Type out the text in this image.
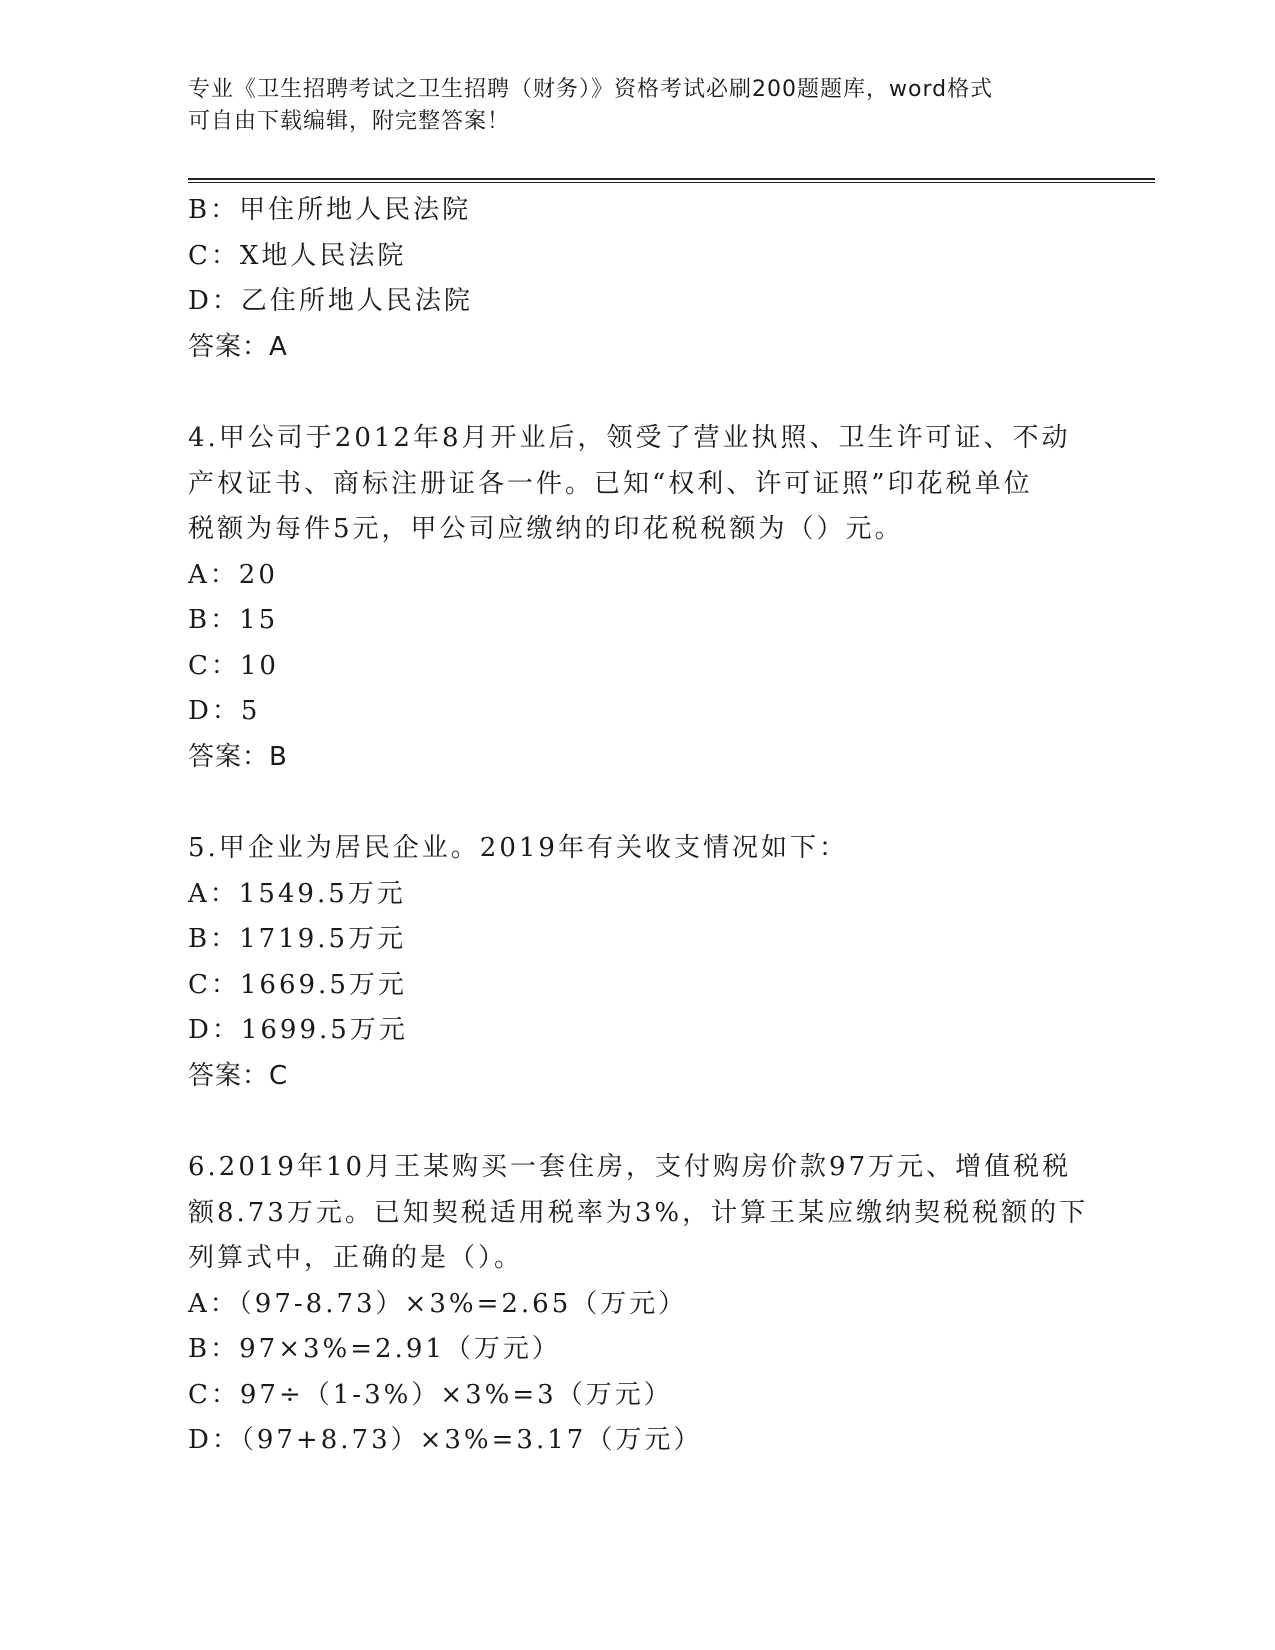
专业《卫生招聘考试之卫生招聘（财务）》资格考试必刷200题题库，word格式
可自由下载编辑，附完整答案！
B：甲住所地人民法院
C：X地人民法院
D：乙住所地人民法院
答案：A
4.甲公司于2012年8月开业后，领受了营业执照、卫生许可证、不动
产权证书、商标注册证各一件。已知“权利、许可证照”印花税单位
税额为每件5元，甲公司应缴纳的印花税税额为（）元。
A：20
B：15
C：10
D：5
答案：B
5.甲企业为居民企业。2019年有关收支情况如下：
A：1549.5万元
B：1719.5万元
C：1669.5万元
D：1699.5万元
答案：C
6.2019年10月王某购买一套住房，支付购房价款97万元、增值税税
额8.73万元。已知契税适用税率为3%，计算王某应缴纳契税税额的下
列算式中，正确的是（）。
A：（97-8.73）×3%=2.65（万元）
B：97×3%=2.91（万元）
C：97÷（1-3%）×3%=3（万元）
D：（97+8.73）×3%=3.17（万元）
